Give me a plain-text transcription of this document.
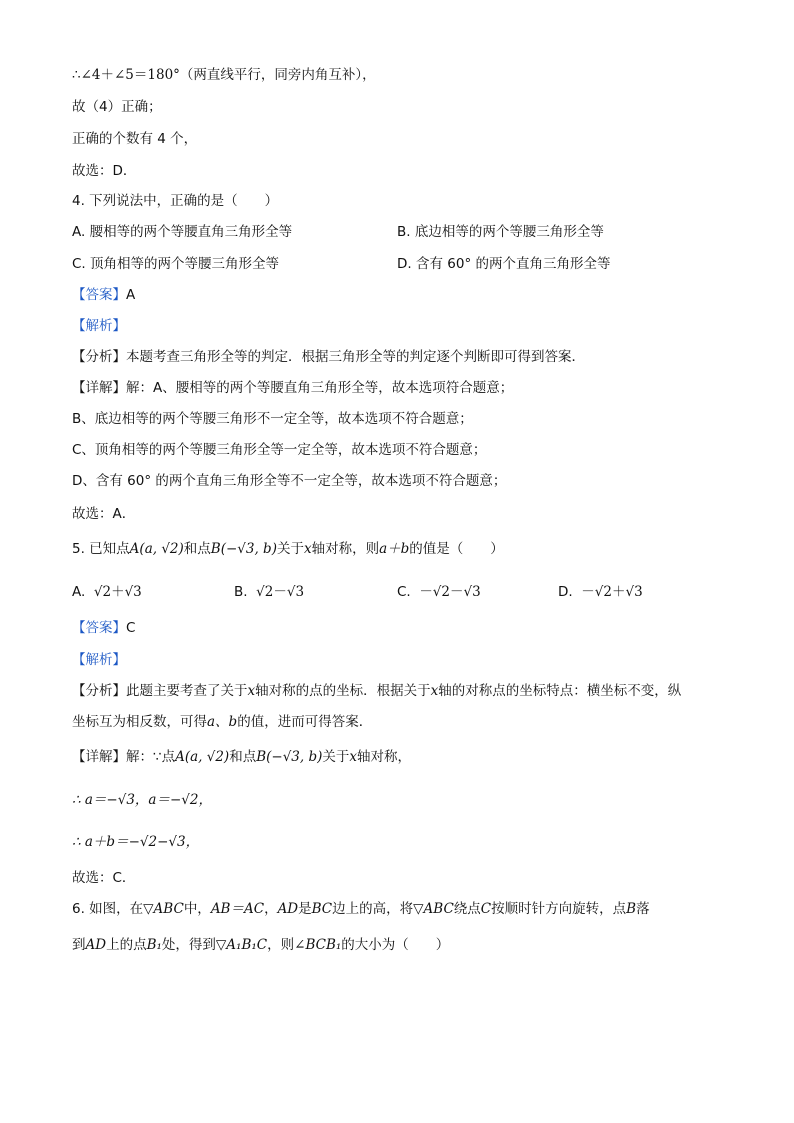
∴∠4＋∠5＝180°（两直线平行，同旁内角互补），
故（4）正确；
正确的个数有 4 个，
故选：D．
4. 下列说法中，正确的是（　　）
A. 腰相等的两个等腰直角三角形全等	B. 底边相等的两个等腰三角形全等
C. 顶角相等的两个等腰三角形全等	D. 含有 60° 的两个直角三角形全等
【答案】A
【解析】
【分析】本题考查三角形全等的判定．根据三角形全等的判定逐个判断即可得到答案．
【详解】解：A、腰相等的两个等腰直角三角形全等，故本选项符合题意；
B、底边相等的两个等腰三角形不一定全等，故本选项不符合题意；
C、顶角相等的两个等腰三角形全等一定全等，故本选项不符合题意；
D、含有 60° 的两个直角三角形全等不一定全等，故本选项不符合题意；
故选：A．
5. 已知点A(a, √2)和点B(−√3, b)关于x轴对称，则a＋b的值是（　　）
A. √2＋√3	B. √2－√3	C. －√2－√3	D. －√2＋√3
【答案】C
【解析】
【分析】此题主要考查了关于x轴对称的点的坐标．根据关于x轴的对称点的坐标特点：横坐标不变，纵
坐标互为相反数，可得a、b的值，进而可得答案．
【详解】解：∵点A(a, √2)和点B(−√3, b)关于x轴对称，
∴ a＝−√3，a＝−√2，
∴ a＋b＝−√2−√3，
故选：C．
6. 如图，在▽ABC中，AB＝AC，AD是BC边上的高，将▽ABC绕点C按顺时针方向旋转，点B落
到AD上的点B₁处，得到▽A₁B₁C，则∠BCB₁的大小为（　　）
